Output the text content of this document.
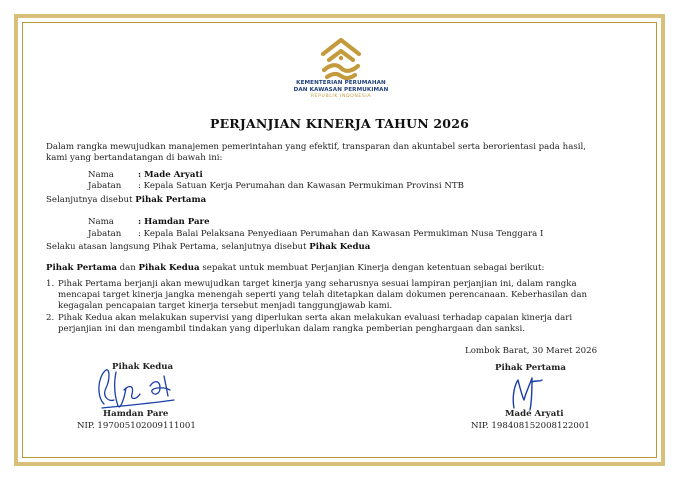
KEMENTERIAN PERUMAHAN
DAN KAWASAN PERMUKIMAN
REPUBLIK INDONESIA
PERJANJIAN KINERJA TAHUN 2026
Dalam rangka mewujudkan manajemen pemerintahan yang efektif, transparan dan akuntabel serta berorientasi pada hasil,
kami yang bertandatangan di bawah ini:
Nama	: Made Aryati
Jabatan : Kepala Satuan Kerja Perumahan dan Kawasan Permukiman Provinsi NTB
Selanjutnya disebut Pihak Pertama
Nama	: Hamdan Pare
Jabatan : Kepala Balai Pelaksana Penyediaan Perumahan dan Kawasan Permukiman Nusa Tenggara I
Selaku atasan langsung Pihak Pertama, selanjutnya disebut Pihak Kedua
Pihak Pertama dan Pihak Kedua sepakat untuk membuat Perjanjian Kinerja dengan ketentuan sebagai berikut:
1. Pihak Pertama berjanji akan mewujudkan target kinerja yang seharusnya sesuai lampiran perjanjian ini, dalam rangka
mencapai target kinerja jangka menengah seperti yang telah ditetapkan dalam dokumen perencanaan. Keberhasilan dan
kegagalan pencapaian target kinerja tersebut menjadi tanggungjawab kami.
2. Pihak Kedua akan melakukan supervisi yang diperlukan serta akan melakukan evaluasi terhadap capaian kinerja dari
perjanjian ini dan mengambil tindakan yang diperlukan dalam rangka pemberian penghargaan dan sanksi.
Lombok Barat, 30 Maret 2026
Pihak Kedua
Hamdan Pare
NIP. 197005102009111001
Pihak Pertama
Made Aryati
NIP. 198408152008122001
